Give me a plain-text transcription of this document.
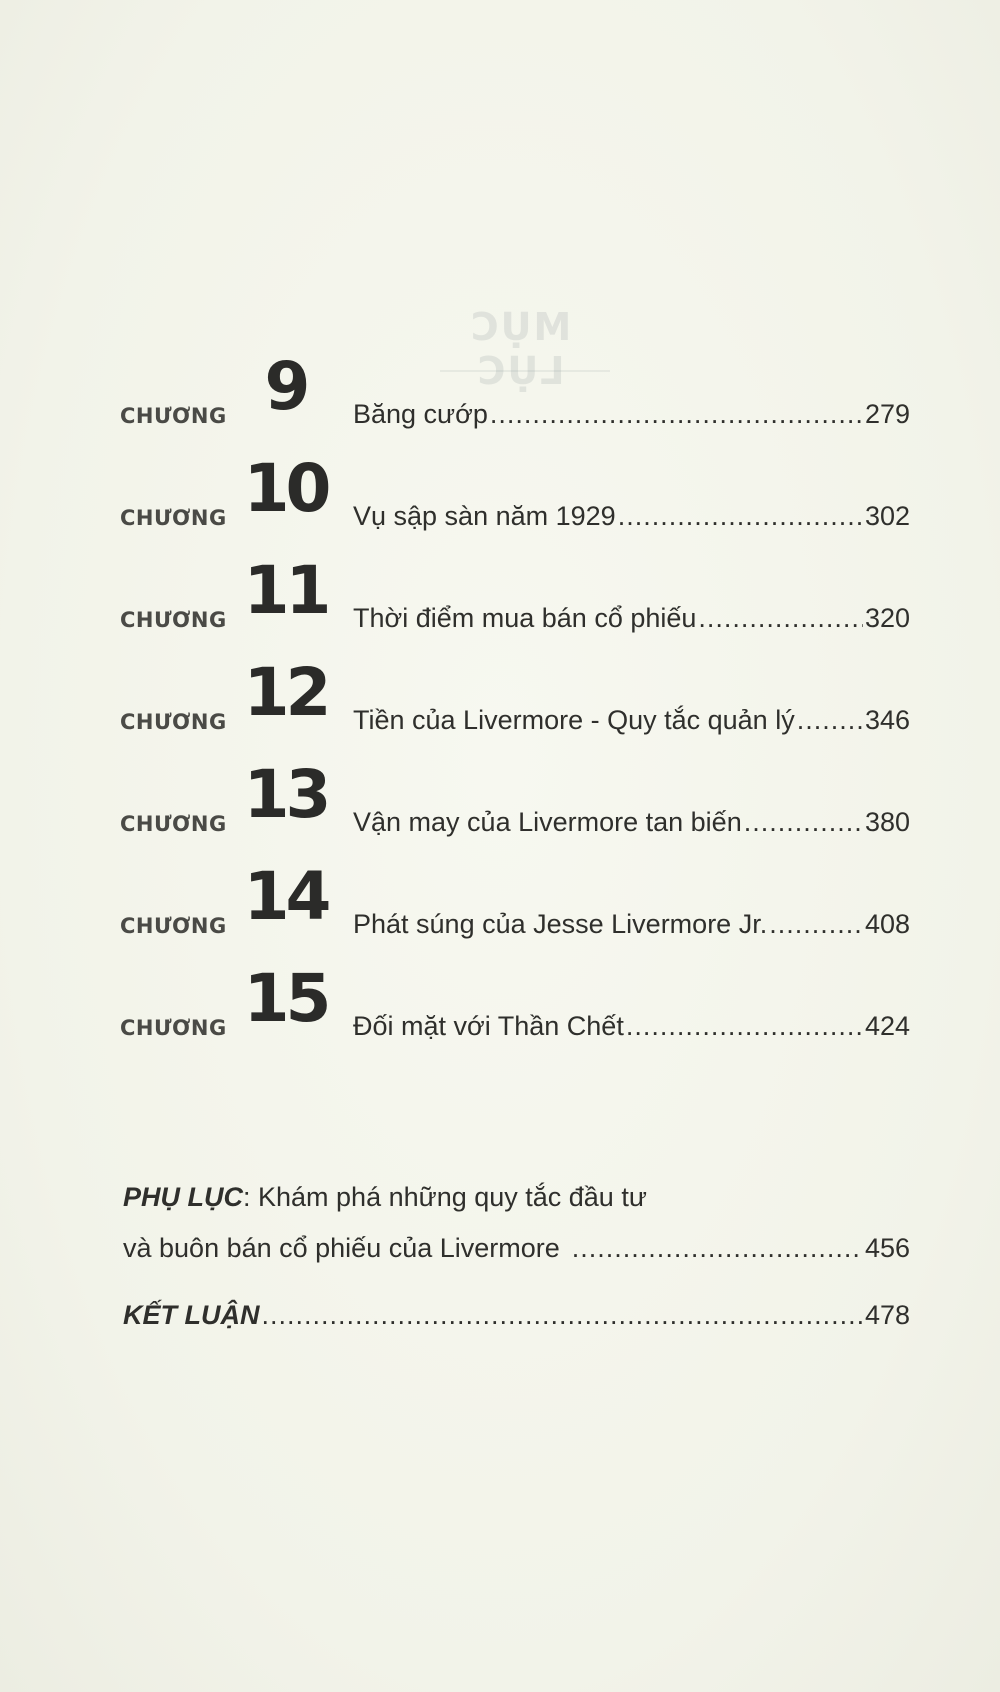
MỤC LỤC
CHƯƠNG 9	Băng cướp .....	279
CHƯƠNG 10 Vụ sập sàn năm 1929 .....	302
CHƯƠNG 11 Thời điểm mua bán cổ phiếu .....	320
CHƯƠNG 12 Tiền của Livermore - Quy tắc quản lý .....	346
CHƯƠNG 13 Vận may của Livermore tan biến .....	380
CHƯƠNG 14 Phát súng của Jesse Livermore Jr. .....	408
CHƯƠNG 15 Đối mặt với Thần Chết .....	424
PHỤ LỤC : Khám phá những quy tắc đầu tư
và buôn bán cổ phiếu của Livermore .....	456
KẾT LUẬN .....	478
